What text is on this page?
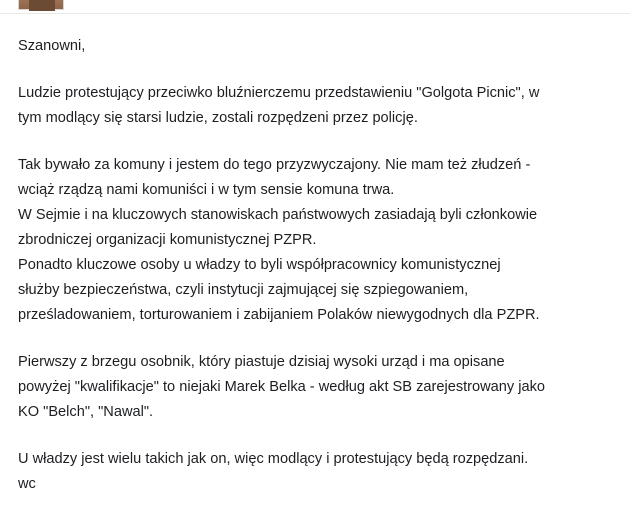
Szanowni,

Ludzie protestujący przeciwko bluźnierczemu przedstawieniu "Golgota Picnic", w
tym modlący się starsi ludzie, zostali rozpędzeni przez policję.

Tak bywało za komuny i jestem do tego przyzwyczajony. Nie mam też złudzeń -
wciąż rządzą nami komuniści i w tym sensie komuna trwa.
W Sejmie i na kluczowych stanowiskach państwowych zasiadają byli członkowie
zbrodniczej organizacji komunistycznej PZPR.
Ponadto kluczowe osoby u władzy to byli współpracownicy komunistycznej
służby bezpieczeństwa, czyli instytucji zajmującej się szpiegowaniem,
prześladowaniem, torturowaniem i zabijaniem Polaków niewygodnych dla PZPR.

Pierwszy z brzegu osobnik, który piastuje dzisiaj wysoki urząd i ma opisane
powyżej "kwalifikacje" to niejaki Marek Belka - według akt SB zarejestrowany jako
KO "Belch", "Nawal".

U władzy jest wielu takich jak on, więc modlący i protestujący będą rozpędzani.
wc
